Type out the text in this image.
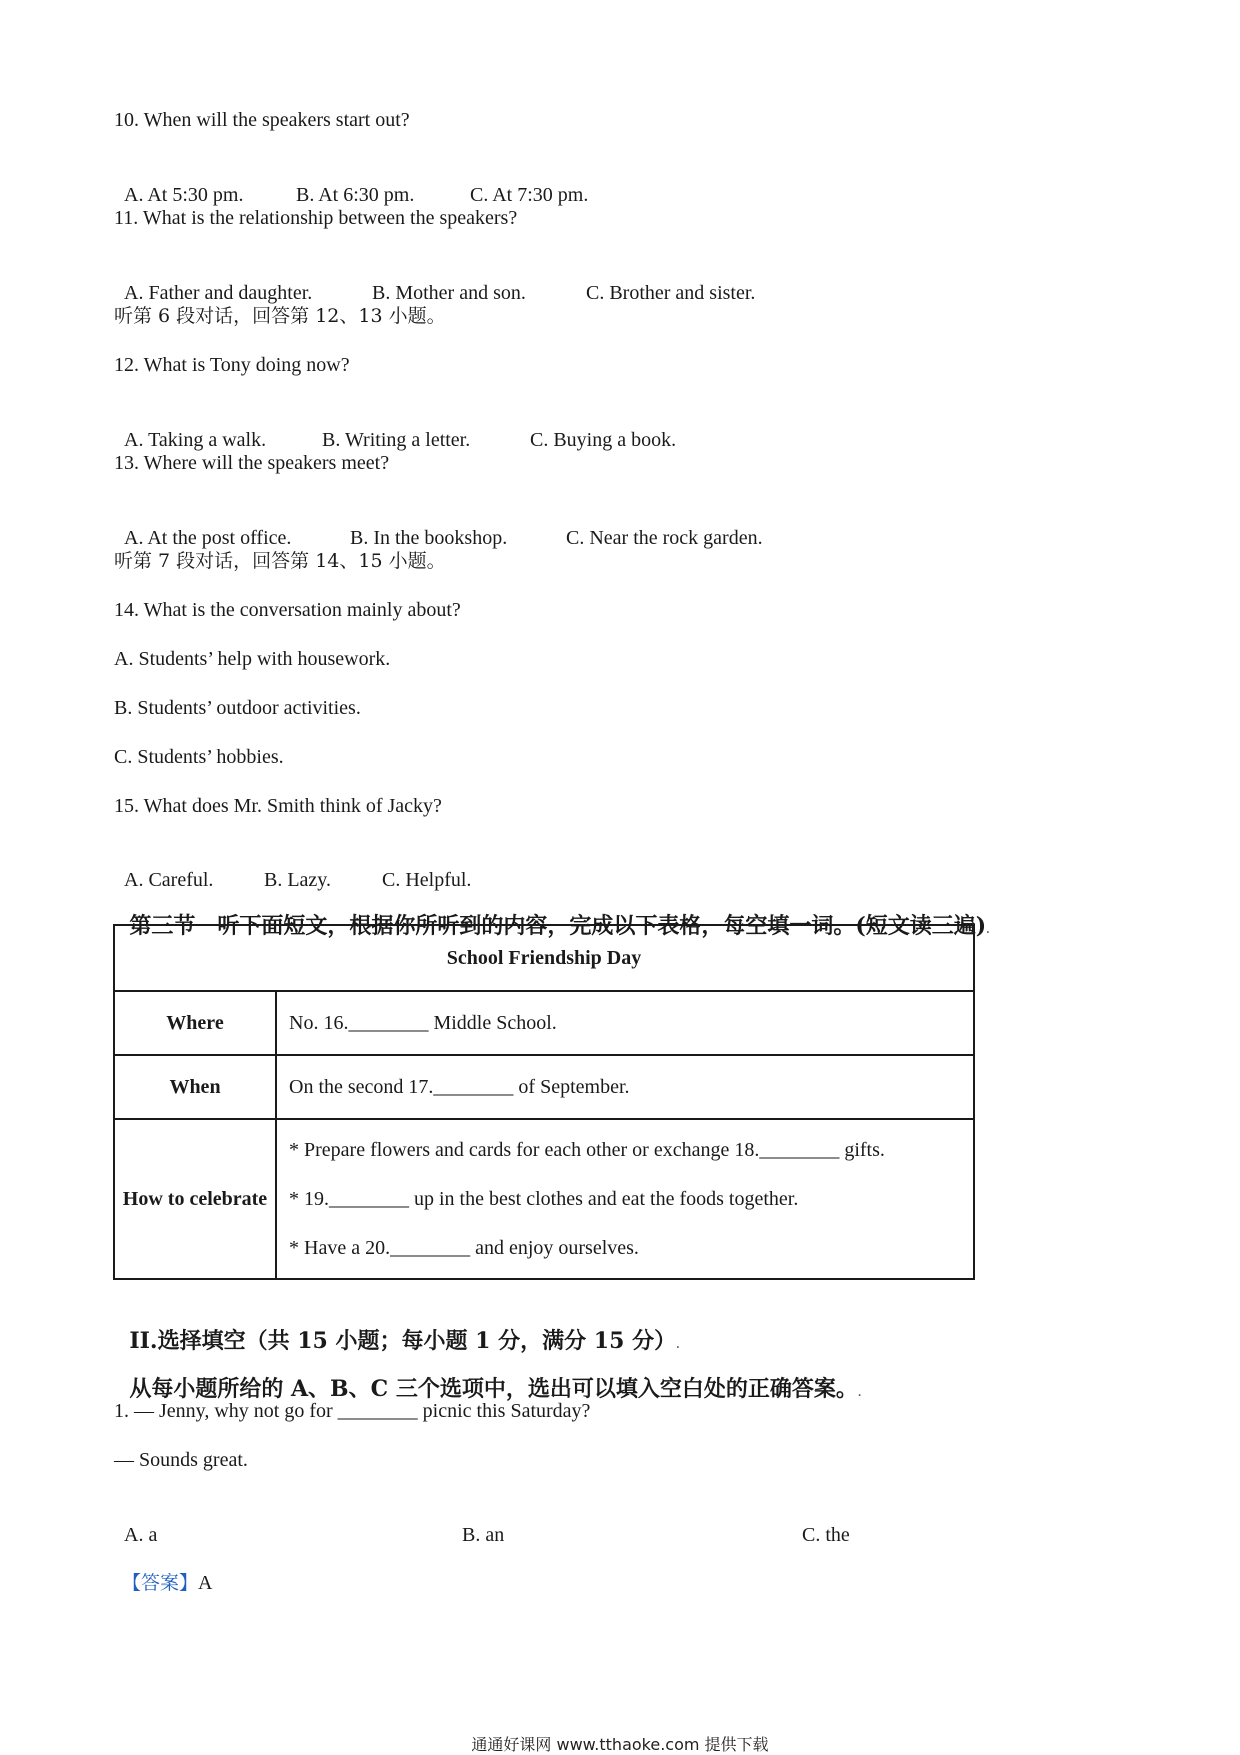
10. When will the speakers start out?

A. At 5:30 pm.	B. At 6:30 pm.	C. At 7:30 pm.

11. What is the relationship between the speakers?

A. Father and daughter.	B. Mother and son.	C. Brother and sister.

听第 6 段对话，回答第 12、13 小题。
12. What is Tony doing now?

A. Taking a walk.	B. Writing a letter.	C. Buying a book.

13. Where will the speakers meet?

A. At the post office.	B. In the bookshop.	C. Near the rock garden.

听第 7 段对话，回答第 14、15 小题。
14. What is the conversation mainly about?
A. Students’ help with housework.
B. Students’ outdoor activities.
C. Students’ hobbies.
15. What does Mr. Smith think of Jacky?

A. Careful.	B. Lazy.	C. Helpful.

第三节　听下面短文，根据你所听到的内容，完成以下表格，每空填一词。(短文读三遍).

School Friendship Day	
Where	No. 16.________ Middle School.
When	On the second 17.________ of September.
How to celebrate	* Prepare flowers and cards for each other or exchange 18.________ gifts.

* 19.________ up in the best clothes and eat the foods together.

* Have a 20.________ and enjoy ourselves.

II.选择填空（共 15 小题；每小题 1 分，满分 15 分）.

从每小题所给的 A、B、C 三个选项中，选出可以填入空白处的正确答案。.

1. — Jenny, why not go for ________ picnic this Saturday?
— Sounds great.

A. a	B. an	C. the

【答案】A

通通好课网 www.tthaoke.com 提供下载
